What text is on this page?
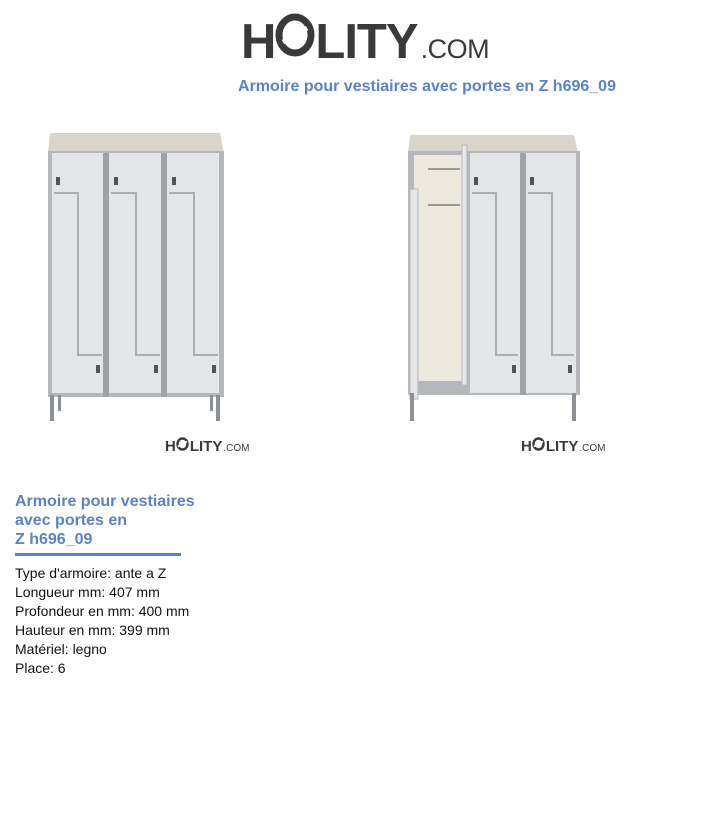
H LITY .COM
Armoire pour vestiaires avec portes en Z h696_09
H LITY .COM	H LITY .COM
Armoire pour vestiaires
avec portes en
Z h696_09
Type d'armoire: ante a Z
Longueur mm: 407 mm
Profondeur en mm: 400 mm
Hauteur en mm: 399 mm
Matériel: legno
Place: 6
